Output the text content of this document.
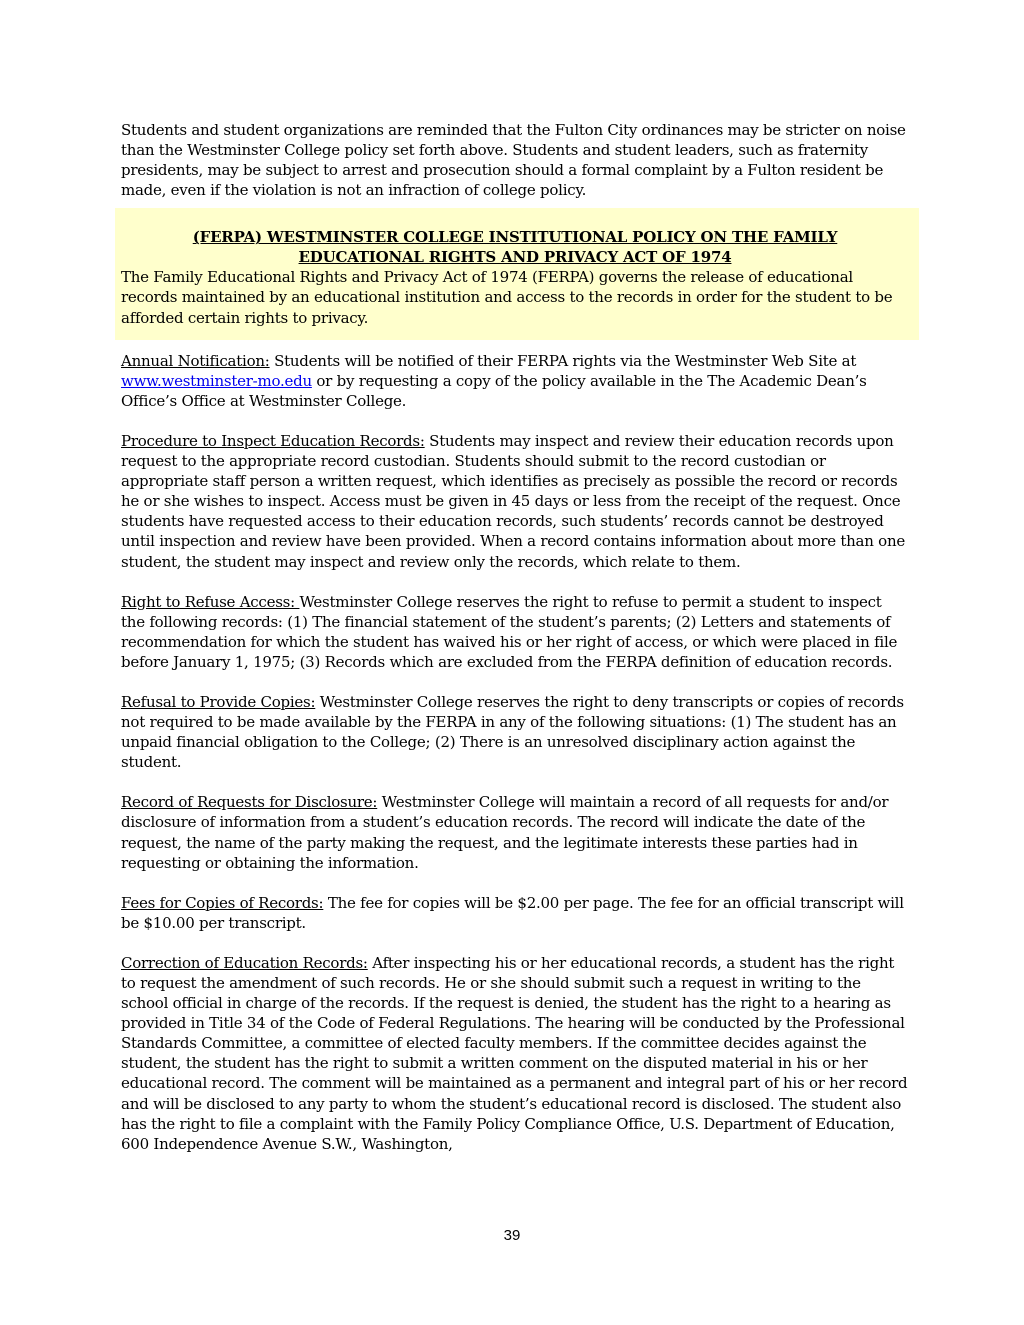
Students and student organizations are reminded that the Fulton City ordinances may be stricter on noise than the Westminster College policy set forth above. Students and student leaders, such as fraternity presidents, may be subject to arrest and prosecution should a formal complaint by a Fulton resident be made, even if the violation is not an infraction of college policy.

(FERPA) WESTMINSTER COLLEGE INSTITUTIONAL POLICY ON THE FAMILY
EDUCATIONAL RIGHTS AND PRIVACY ACT OF 1974

The Family Educational Rights and Privacy Act of 1974 (FERPA) governs the release of educational records maintained by an educational institution and access to the records in order for the student to be afforded certain rights to privacy.

Annual Notification: Students will be notified of their FERPA rights via the Westminster Web Site at www.westminster-mo.edu or by requesting a copy of the policy available in the The Academic Dean’s Office’s Office at Westminster College.

Procedure to Inspect Education Records: Students may inspect and review their education records upon request to the appropriate record custodian. Students should submit to the record custodian or appropriate staff person a written request, which identifies as precisely as possible the record or records he or she wishes to inspect. Access must be given in 45 days or less from the receipt of the request. Once students have requested access to their education records, such students’ records cannot be destroyed until inspection and review have been provided. When a record contains information about more than one student, the student may inspect and review only the records, which relate to them.

Right to Refuse Access: Westminster College reserves the right to refuse to permit a student to inspect the following records: (1) The financial statement of the student’s parents; (2) Letters and statements of recommendation for which the student has waived his or her right of access, or which were placed in file before January 1, 1975; (3) Records which are excluded from the FERPA definition of education records.

Refusal to Provide Copies: Westminster College reserves the right to deny transcripts or copies of records not required to be made available by the FERPA in any of the following situations: (1) The student has an unpaid financial obligation to the College; (2) There is an unresolved disciplinary action against the student.

Record of Requests for Disclosure: Westminster College will maintain a record of all requests for and/or disclosure of information from a student’s education records. The record will indicate the date of the request, the name of the party making the request, and the legitimate interests these parties had in requesting or obtaining the information.

Fees for Copies of Records: The fee for copies will be $2.00 per page. The fee for an official transcript will be $10.00 per transcript.

Correction of Education Records: After inspecting his or her educational records, a student has the right to request the amendment of such records. He or she should submit such a request in writing to the school official in charge of the records. If the request is denied, the student has the right to a hearing as provided in Title 34 of the Code of Federal Regulations. The hearing will be conducted by the Professional Standards Committee, a committee of elected faculty members. If the committee decides against the student, the student has the right to submit a written comment on the disputed material in his or her educational record. The comment will be maintained as a permanent and integral part of his or her record and will be disclosed to any party to whom the student’s educational record is disclosed. The student also has the right to file a complaint with the Family Policy Compliance Office, U.S. Department of Education, 600 Independence Avenue S.W., Washington,

39
